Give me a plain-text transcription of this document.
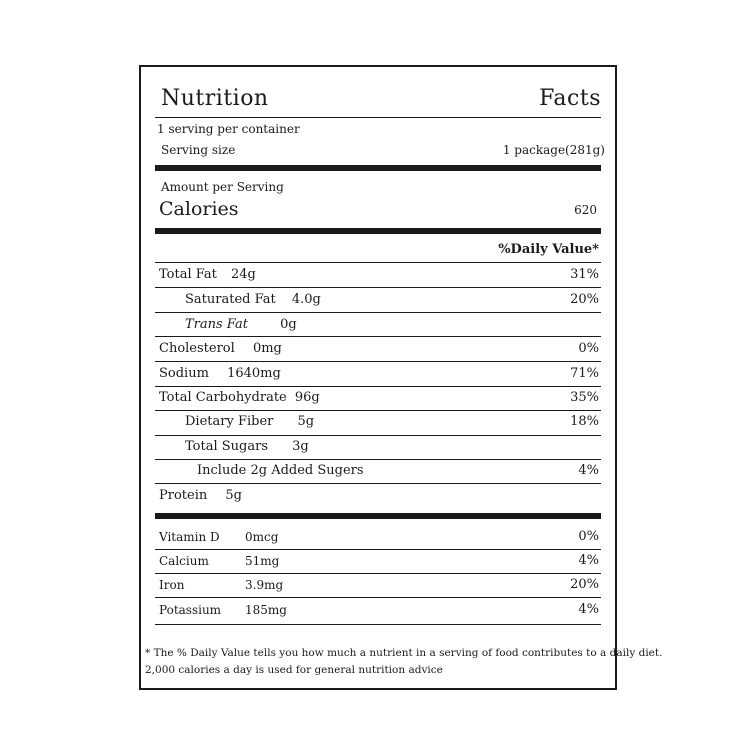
Nutrition	Facts
1 serving per container
Serving size	1 package(281g)
Amount per Serving
Calories	620
%Daily Value*
Total Fat 24g	31%
Saturated Fat 4.0g	20%
Trans Fat 0g
Cholesterol 0mg	0%
Sodium 1640mg	71%
Total Carbohydrate 96g	35%
Dietary Fiber 5g	18%
Total Sugars 3g
Include 2g Added Sugers	4%
Protein 5g
Vitamin D 0mcg	0%
Calcium	51mg	4%
Iron	3.9mg	20%
Potassium 185mg	4%
* The % Daily Value tells you how much a nutrient in a serving of food contributes to a daily diet.
2,000 calories a day is used for general nutrition advice
